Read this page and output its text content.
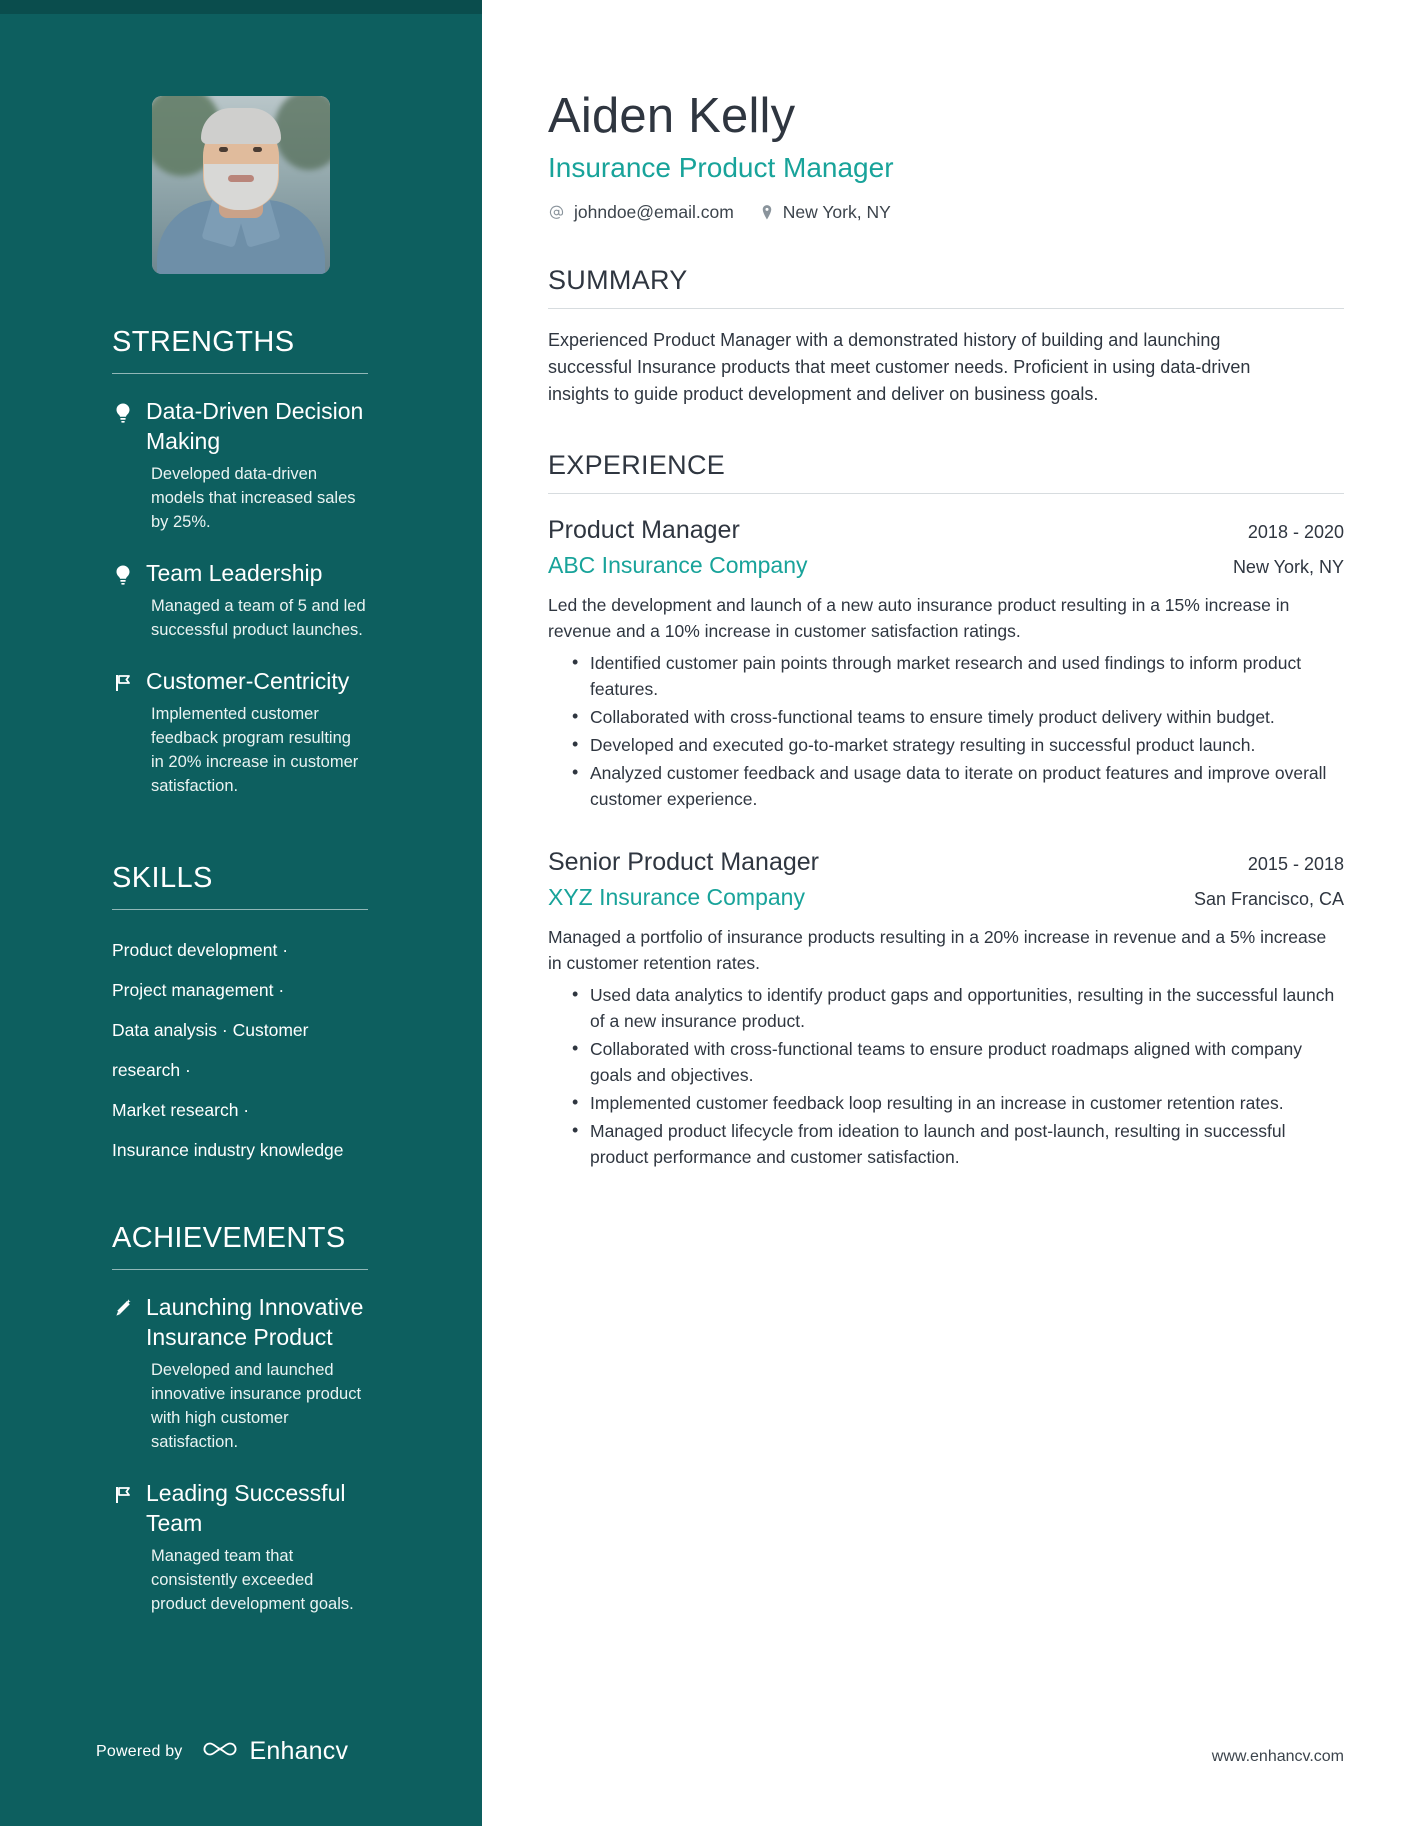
STRENGTHS
Data-Driven Decision Making
Developed data-driven models that increased sales by 25%.
Team Leadership
Managed a team of 5 and led successful product launches.
Customer-Centricity
Implemented customer feedback program resulting in 20% increase in customer satisfaction.
SKILLS
Product development ·
Project management ·
Data analysis · Customer research ·
Market research ·
Insurance industry knowledge
ACHIEVEMENTS
Launching Innovative Insurance Product
Developed and launched innovative insurance product with high customer satisfaction.
Leading Successful Team
Managed team that consistently exceeded product development goals.
Powered by	Enhancv
Aiden Kelly
Insurance Product Manager
johndoe@email.com	New York, NY
SUMMARY

Experienced Product Manager with a demonstrated history of building and launching successful Insurance products that meet customer needs. Proficient in using data-driven insights to guide product development and deliver on business goals.

EXPERIENCE
Product Manager	2018 - 2020
ABC Insurance Company	New York, NY
Led the development and launch of a new auto insurance product resulting in a 15% increase in revenue and a 10% increase in customer satisfaction ratings.
• Identified customer pain points through market research and used findings to inform product features.
• Collaborated with cross-functional teams to ensure timely product delivery within budget.
• Developed and executed go-to-market strategy resulting in successful product launch.
• Analyzed customer feedback and usage data to iterate on product features and improve overall customer experience.
Senior Product Manager	2015 - 2018
XYZ Insurance Company	San Francisco, CA
Managed a portfolio of insurance products resulting in a 20% increase in revenue and a 5% increase in customer retention rates.
• Used data analytics to identify product gaps and opportunities, resulting in the successful launch of a new insurance product.
• Collaborated with cross-functional teams to ensure product roadmaps aligned with company goals and objectives.
• Implemented customer feedback loop resulting in an increase in customer retention rates.
• Managed product lifecycle from ideation to launch and post-launch, resulting in successful product performance and customer satisfaction.
www.enhancv.com
